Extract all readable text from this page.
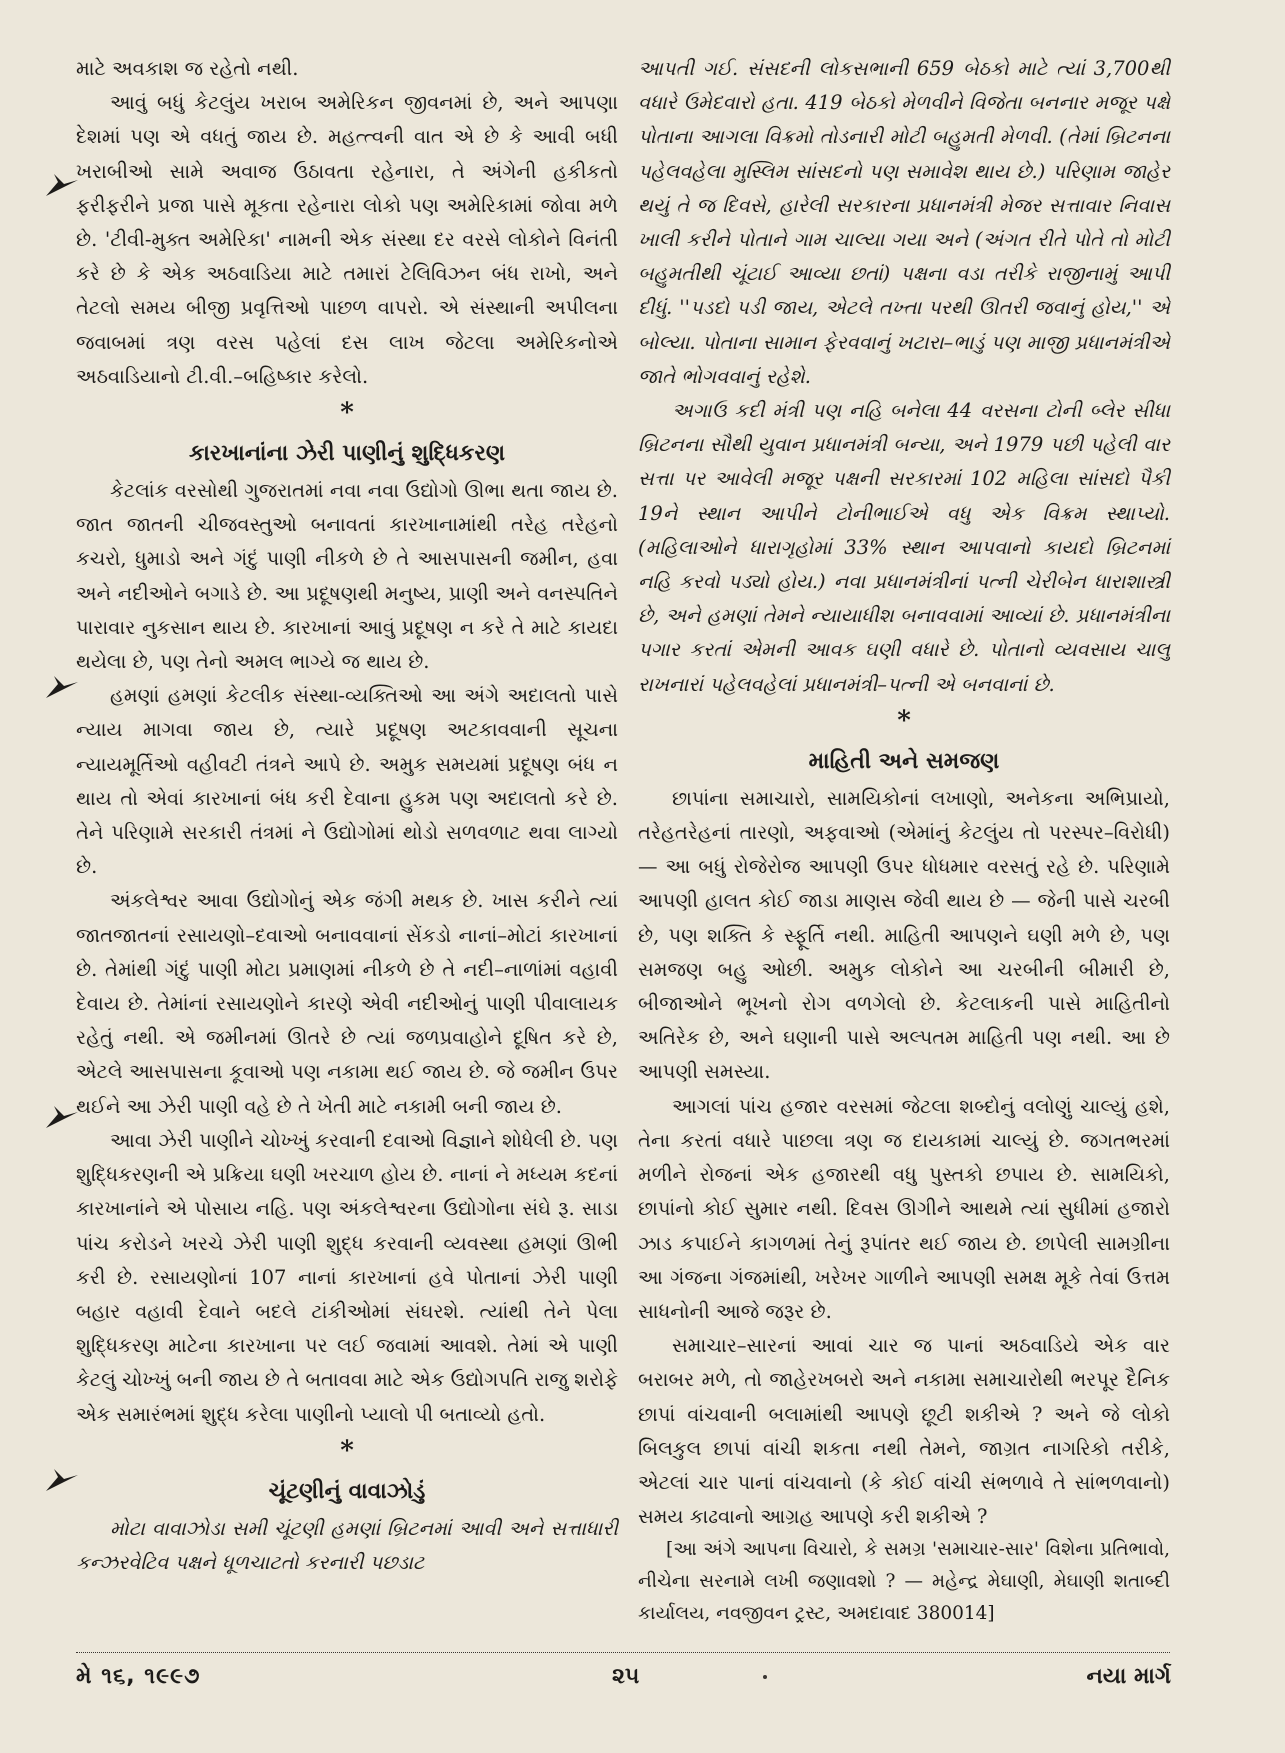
માટે અવકાશ જ રહેતો નથી.

આવું બધું કેટલુંય ખરાબ અમેરિકન જીવનમાં છે, અને આપણા દેશમાં પણ એ વધતું જાય છે. મહત્ત્વની વાત એ છે કે આવી બધી ખરાબીઓ સામે અવાજ ઉઠાવતા રહેનારા, તે અંગેની હકીકતો ફરીફરીને પ્રજા પાસે મૂકતા રહેનારા લોકો પણ અમેરિકામાં જોવા મળે છે. 'ટીવી-મુક્ત અમેરિકા' નામની એક સંસ્થા દર વરસે લોકોને વિનંતી કરે છે કે એક અઠવાડિયા માટે તમારાં ટેલિવિઝન બંધ રાખો, અને તેટલો સમય બીજી પ્રવૃત્તિઓ પાછળ વાપરો. એ સંસ્થાની અપીલના જવાબમાં ત્રણ વરસ પહેલાં દસ લાખ જેટલા અમેરિકનોએ અઠવાડિયાનો ટી.વી.–બહિષ્કાર કરેલો.

*
કારખાનાંના ઝેરી પાણીનું શુદ્ધિકરણ

કેટલાંક વરસોથી ગુજરાતમાં નવા નવા ઉદ્યોગો ઊભા થતા જાય છે. જાત જાતની ચીજવસ્તુઓ બનાવતાં કારખાનામાંથી તરેહ તરેહનો કચરો, ધુમાડો અને ગંદું પાણી નીકળે છે તે આસપાસની જમીન, હવા અને નદીઓને બગાડે છે. આ પ્રદૂષણથી મનુષ્ય, પ્રાણી અને વનસ્પતિને પારાવાર નુકસાન થાય છે. કારખાનાં આવું પ્રદૂષણ ન કરે તે માટે કાયદા થયેલા છે, પણ તેનો અમલ ભાગ્યે જ થાય છે.

હમણાં હમણાં કેટલીક સંસ્થા-વ્યક્તિઓ આ અંગે અદાલતો પાસે ન્યાય માગવા જાય છે, ત્યારે પ્રદૂષણ અટકાવવાની સૂચના ન્યાયમૂર્તિઓ વહીવટી તંત્રને આપે છે. અમુક સમયમાં પ્રદૂષણ બંધ ન થાય તો એવાં કારખાનાં બંધ કરી દેવાના હુકમ પણ અદાલતો કરે છે. તેને પરિણામે સરકારી તંત્રમાં ને ઉદ્યોગોમાં થોડો સળવળાટ થવા લાગ્યો છે.

અંકલેશ્વર આવા ઉદ્યોગોનું એક જંગી મથક છે. ખાસ કરીને ત્યાં જાતજાતનાં રસાયણો–દવાઓ બનાવવાનાં સેંકડો નાનાં–મોટાં કારખાનાં છે. તેમાંથી ગંદું પાણી મોટા પ્રમાણમાં નીકળે છે તે નદી–નાળાંમાં વહાવી દેવાય છે. તેમાંનાં રસાયણોને કારણે એવી નદીઓનું પાણી પીવાલાયક રહેતું નથી. એ જમીનમાં ઊતરે છે ત્યાં જળપ્રવાહોને દૂષિત કરે છે, એટલે આસપાસના કૂવાઓ પણ નકામા થઈ જાય છે. જે જમીન ઉપર થઈને આ ઝેરી પાણી વહે છે તે ખેતી માટે નકામી બની જાય છે.

આવા ઝેરી પાણીને ચોખ્ખું કરવાની દવાઓ વિજ્ઞાને શોધેલી છે. પણ શુદ્ધિકરણની એ પ્રક્રિયા ઘણી ખરચાળ હોય છે. નાનાં ને મધ્યમ કદનાં કારખાનાંને એ પોસાય નહિ. પણ અંકલેશ્વરના ઉદ્યોગોના સંઘે રૂ. સાડા પાંચ કરોડને ખરચે ઝેરી પાણી શુદ્ધ કરવાની વ્યવસ્થા હમણાં ઊભી કરી છે. રસાયણોનાં 107 નાનાં કારખાનાં હવે પોતાનાં ઝેરી પાણી બહાર વહાવી દેવાને બદલે ટાંકીઓમાં સંઘરશે. ત્યાંથી તેને પેલા શુદ્ધિકરણ માટેના કારખાના પર લઈ જવામાં આવશે. તેમાં એ પાણી કેટલું ચોખ્ખું બની જાય છે તે બતાવવા માટે એક ઉદ્યોગપતિ રાજુ શરોફે એક સમારંભમાં શુદ્ધ કરેલા પાણીનો પ્યાલો પી બતાવ્યો હતો.

*
ચૂંટણીનું વાવાઝોડું

મોટા વાવાઝોડા સમી ચૂંટણી હમણાં બ્રિટનમાં આવી અને સત્તાધારી કન્ઝરવેટિવ પક્ષને ધૂળચાટતો કરનારી પછડાટ

આપતી ગઈ. સંસદની લોકસભાની 659 બેઠકો માટે ત્યાં 3,700થી વધારે ઉમેદવારો હતા. 419 બેઠકો મેળવીને વિજેતા બનનાર મજૂર પક્ષે પોતાના આગલા વિક્રમો તોડનારી મોટી બહુમતી મેળવી. (તેમાં બ્રિટનના પહેલવહેલા મુસ્લિમ સાંસદનો પણ સમાવેશ થાય છે.) પરિણામ જાહેર થયું તે જ દિવસે, હારેલી સરકારના પ્રધાનમંત્રી મેજર સત્તાવાર નિવાસ ખાલી કરીને પોતાને ગામ ચાલ્યા ગયા અને (અંગત રીતે પોતે તો મોટી બહુમતીથી ચૂંટાઈ આવ્યા છતાં) પક્ષના વડા તરીકે રાજીનામું આપી દીધું. ''પડદો પડી જાય, એટલે તખ્તા પરથી ઊતરી જવાનું હોય,'' એ બોલ્યા. પોતાના સામાન ફેરવવાનું ખટારા–ભાડું પણ માજી પ્રધાનમંત્રીએ જાતે ભોગવવાનું રહેશે.

અગાઉ કદી મંત્રી પણ નહિ બનેલા 44 વરસના ટોની બ્લેર સીધા બ્રિટનના સૌથી યુવાન પ્રધાનમંત્રી બન્યા, અને 1979 પછી પહેલી વાર સત્તા પર આવેલી મજૂર પક્ષની સરકારમાં 102 મહિલા સાંસદો પૈકી 19ને સ્થાન આપીને ટોનીભાઈએ વધુ એક વિક્રમ સ્થાપ્યો. (મહિલાઓને ધારાગૃહોમાં 33% સ્થાન આપવાનો કાયદો બ્રિટનમાં નહિ કરવો પડ્યો હોય.) નવા પ્રધાનમંત્રીનાં પત્ની ચેરીબેન ધારાશાસ્ત્રી છે, અને હમણાં તેમને ન્યાયાધીશ બનાવવામાં આવ્યાં છે. પ્રધાનમંત્રીના પગાર કરતાં એમની આવક ઘણી વધારે છે. પોતાનો વ્યવસાય ચાલુ રાખનારાં પહેલવહેલાં પ્રધાનમંત્રી–પત્ની એ બનવાનાં છે.

*
માહિતી અને સમજણ

છાપાંના સમાચારો, સામયિકોનાં લખાણો, અનેકના અભિપ્રાયો, તરેહતરેહનાં તારણો, અફવાઓ (એમાંનું કેટલુંય તો પરસ્પર–વિરોધી) — આ બધું રોજેરોજ આપણી ઉપર ધોધમાર વરસતું રહે છે. પરિણામે આપણી હાલત કોઈ જાડા માણસ જેવી થાય છે — જેની પાસે ચરબી છે, પણ શક્તિ કે સ્ફૂર્તિ નથી. માહિતી આપણને ઘણી મળે છે, પણ સમજણ બહુ ઓછી. અમુક લોકોને આ ચરબીની બીમારી છે, બીજાઓને ભૂખનો રોગ વળગેલો છે. કેટલાકની પાસે માહિતીનો અતિરેક છે, અને ઘણાની પાસે અલ્પતમ માહિતી પણ નથી. આ છે આપણી સમસ્યા.

આગલાં પાંચ હજાર વરસમાં જેટલા શબ્દોનું વલોણું ચાલ્યું હશે, તેના કરતાં વધારે પાછલા ત્રણ જ દાયકામાં ચાલ્યું છે. જગતભરમાં મળીને રોજનાં એક હજારથી વધુ પુસ્તકો છપાય છે. સામયિકો, છાપાંનો કોઈ સુમાર નથી. દિવસ ઊગીને આથમે ત્યાં સુધીમાં હજારો ઝાડ કપાઈને કાગળમાં તેનું રૂપાંતર થઈ જાય છે. છાપેલી સામગ્રીના આ ગંજના ગંજમાંથી, ખરેખર ગાળીને આપણી સમક્ષ મૂકે તેવાં ઉત્તમ સાધનોની આજે જરૂર છે.

સમાચાર–સારનાં આવાં ચાર જ પાનાં અઠવાડિયે એક વાર બરાબર મળે, તો જાહેરખબરો અને નકામા સમાચારોથી ભરપૂર દૈનિક છાપાં વાંચવાની બલામાંથી આપણે છૂટી શકીએ ? અને જે લોકો બિલકુલ છાપાં વાંચી શકતા નથી તેમને, જાગ્રત નાગરિકો તરીકે, એટલાં ચાર પાનાં વાંચવાનો (કે કોઈ વાંચી સંભળાવે તે સાંભળવાનો) સમય કાઢવાનો આગ્રહ આપણે કરી શકીએ ?

[આ અંગે આપના વિચારો, કે સમગ્ર 'સમાચાર-સાર' વિશેના પ્રતિભાવો, નીચેના સરનામે લખી જણાવશો ? — મહેન્દ્ર મેઘાણી, મેઘાણી શતાબ્દી કાર્યાલય, નવજીવન ટ્રસ્ટ, અમદાવાદ 380014]

મે ૧૬, ૧૯૯૭	૨૫	નયા માર્ગ
